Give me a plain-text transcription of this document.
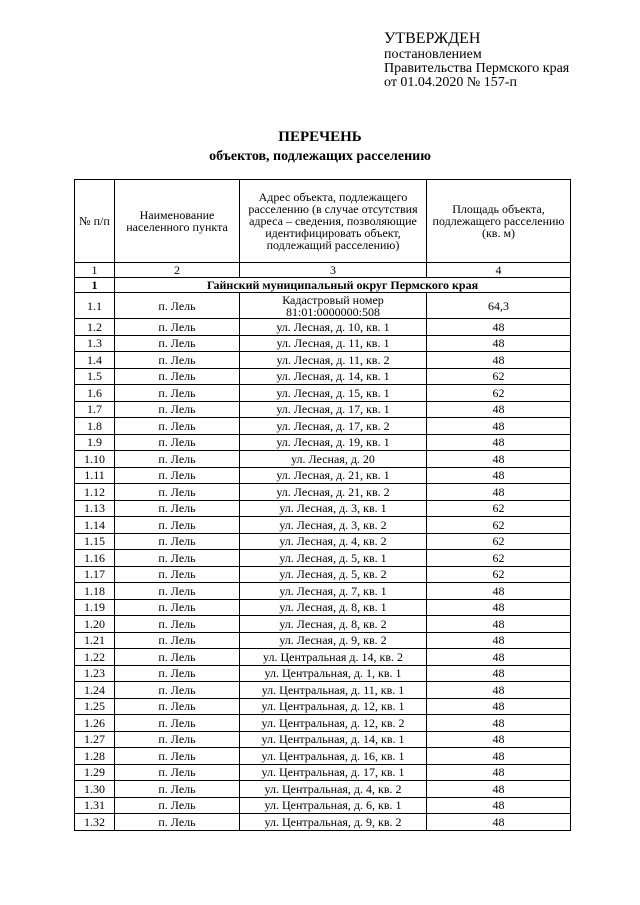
УТВЕРЖДЕН
постановлением
Правительства Пермского края
от 01.04.2020 № 157-п
ПЕРЕЧЕНЬ
объектов, подлежащих расселению
№ п/п	Наименование населенного пункта	Адрес объекта, подлежащего расселению (в случае отсутствия адреса – сведения, позволяющие идентифицировать объект, подлежащий расселению)	Площадь объекта, подлежащего расселению (кв. м)
1	2	3	4
1	Гайнский муниципальный округ Пермского края		
1.1	п. Лель	Кадастровый номер 81:01:0000000:508	64,3
1.2	п. Лель	ул. Лесная, д. 10, кв. 1	48
1.3	п. Лель	ул. Лесная, д. 11, кв. 1	48
1.4	п. Лель	ул. Лесная, д. 11, кв. 2	48
1.5	п. Лель	ул. Лесная, д. 14, кв. 1	62
1.6	п. Лель	ул. Лесная, д. 15, кв. 1	62
1.7	п. Лель	ул. Лесная, д. 17, кв. 1	48
1.8	п. Лель	ул. Лесная, д. 17, кв. 2	48
1.9	п. Лель	ул. Лесная, д. 19, кв. 1	48
1.10	п. Лель	ул. Лесная, д. 20	48
1.11	п. Лель	ул. Лесная, д. 21, кв. 1	48
1.12	п. Лель	ул. Лесная, д. 21, кв. 2	48
1.13	п. Лель	ул. Лесная, д. 3, кв. 1	62
1.14	п. Лель	ул. Лесная, д. 3, кв. 2	62
1.15	п. Лель	ул. Лесная, д. 4, кв. 2	62
1.16	п. Лель	ул. Лесная, д. 5, кв. 1	62
1.17	п. Лель	ул. Лесная, д. 5, кв. 2	62
1.18	п. Лель	ул. Лесная, д. 7, кв. 1	48
1.19	п. Лель	ул. Лесная, д. 8, кв. 1	48
1.20	п. Лель	ул. Лесная, д. 8, кв. 2	48
1.21	п. Лель	ул. Лесная, д. 9, кв. 2	48
1.22	п. Лель	ул. Центральная д. 14, кв. 2	48
1.23	п. Лель	ул. Центральная, д. 1, кв. 1	48
1.24	п. Лель	ул. Центральная, д. 11, кв. 1	48
1.25	п. Лель	ул. Центральная, д. 12, кв. 1	48
1.26	п. Лель	ул. Центральная, д. 12, кв. 2	48
1.27	п. Лель	ул. Центральная, д. 14, кв. 1	48
1.28	п. Лель	ул. Центральная, д. 16, кв. 1	48
1.29	п. Лель	ул. Центральная, д. 17, кв. 1	48
1.30	п. Лель	ул. Центральная, д. 4, кв. 2	48
1.31	п. Лель	ул. Центральная, д. 6, кв. 1	48
1.32	п. Лель	ул. Центральная, д. 9, кв. 2	48
